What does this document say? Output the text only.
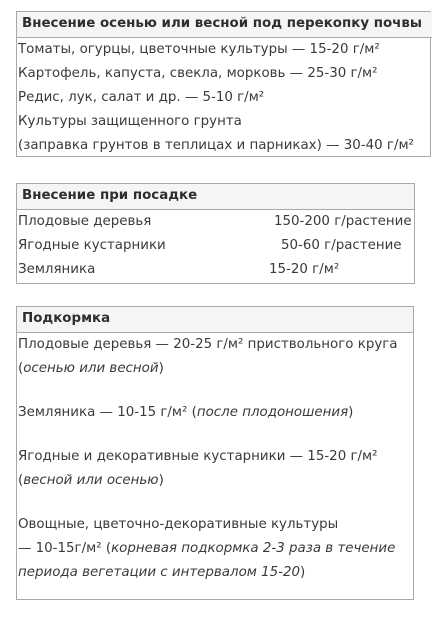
Внесение осенью или весной под перекопку почвы
Томаты, огурцы, цветочные культуры — 15-20 г/м²
Картофель, капуста, свекла, морковь — 25-30 г/м²
Редис, лук, салат и др. — 5-10 г/м²
Культуры защищенного грунта
(заправка грунтов в теплицах и парниках) — 30-40 г/м²
Внесение при посадке
Плодовые деревья	150-200 г/растение
Ягодные кустарники	50-60 г/растение
Земляника	15-20 г/м²
Подкормка
Плодовые деревья — 20-25 г/м² приствольного круга
(осенью или весной)
Земляника — 10-15 г/м² (после плодоношения)
Ягодные и декоративные кустарники — 15-20 г/м²
(весной или осенью)
Овощные, цветочно-декоративные культуры
— 10-15г/м² (корневая подкормка 2-3 раза в течение
периода вегетации с интервалом 15-20)
